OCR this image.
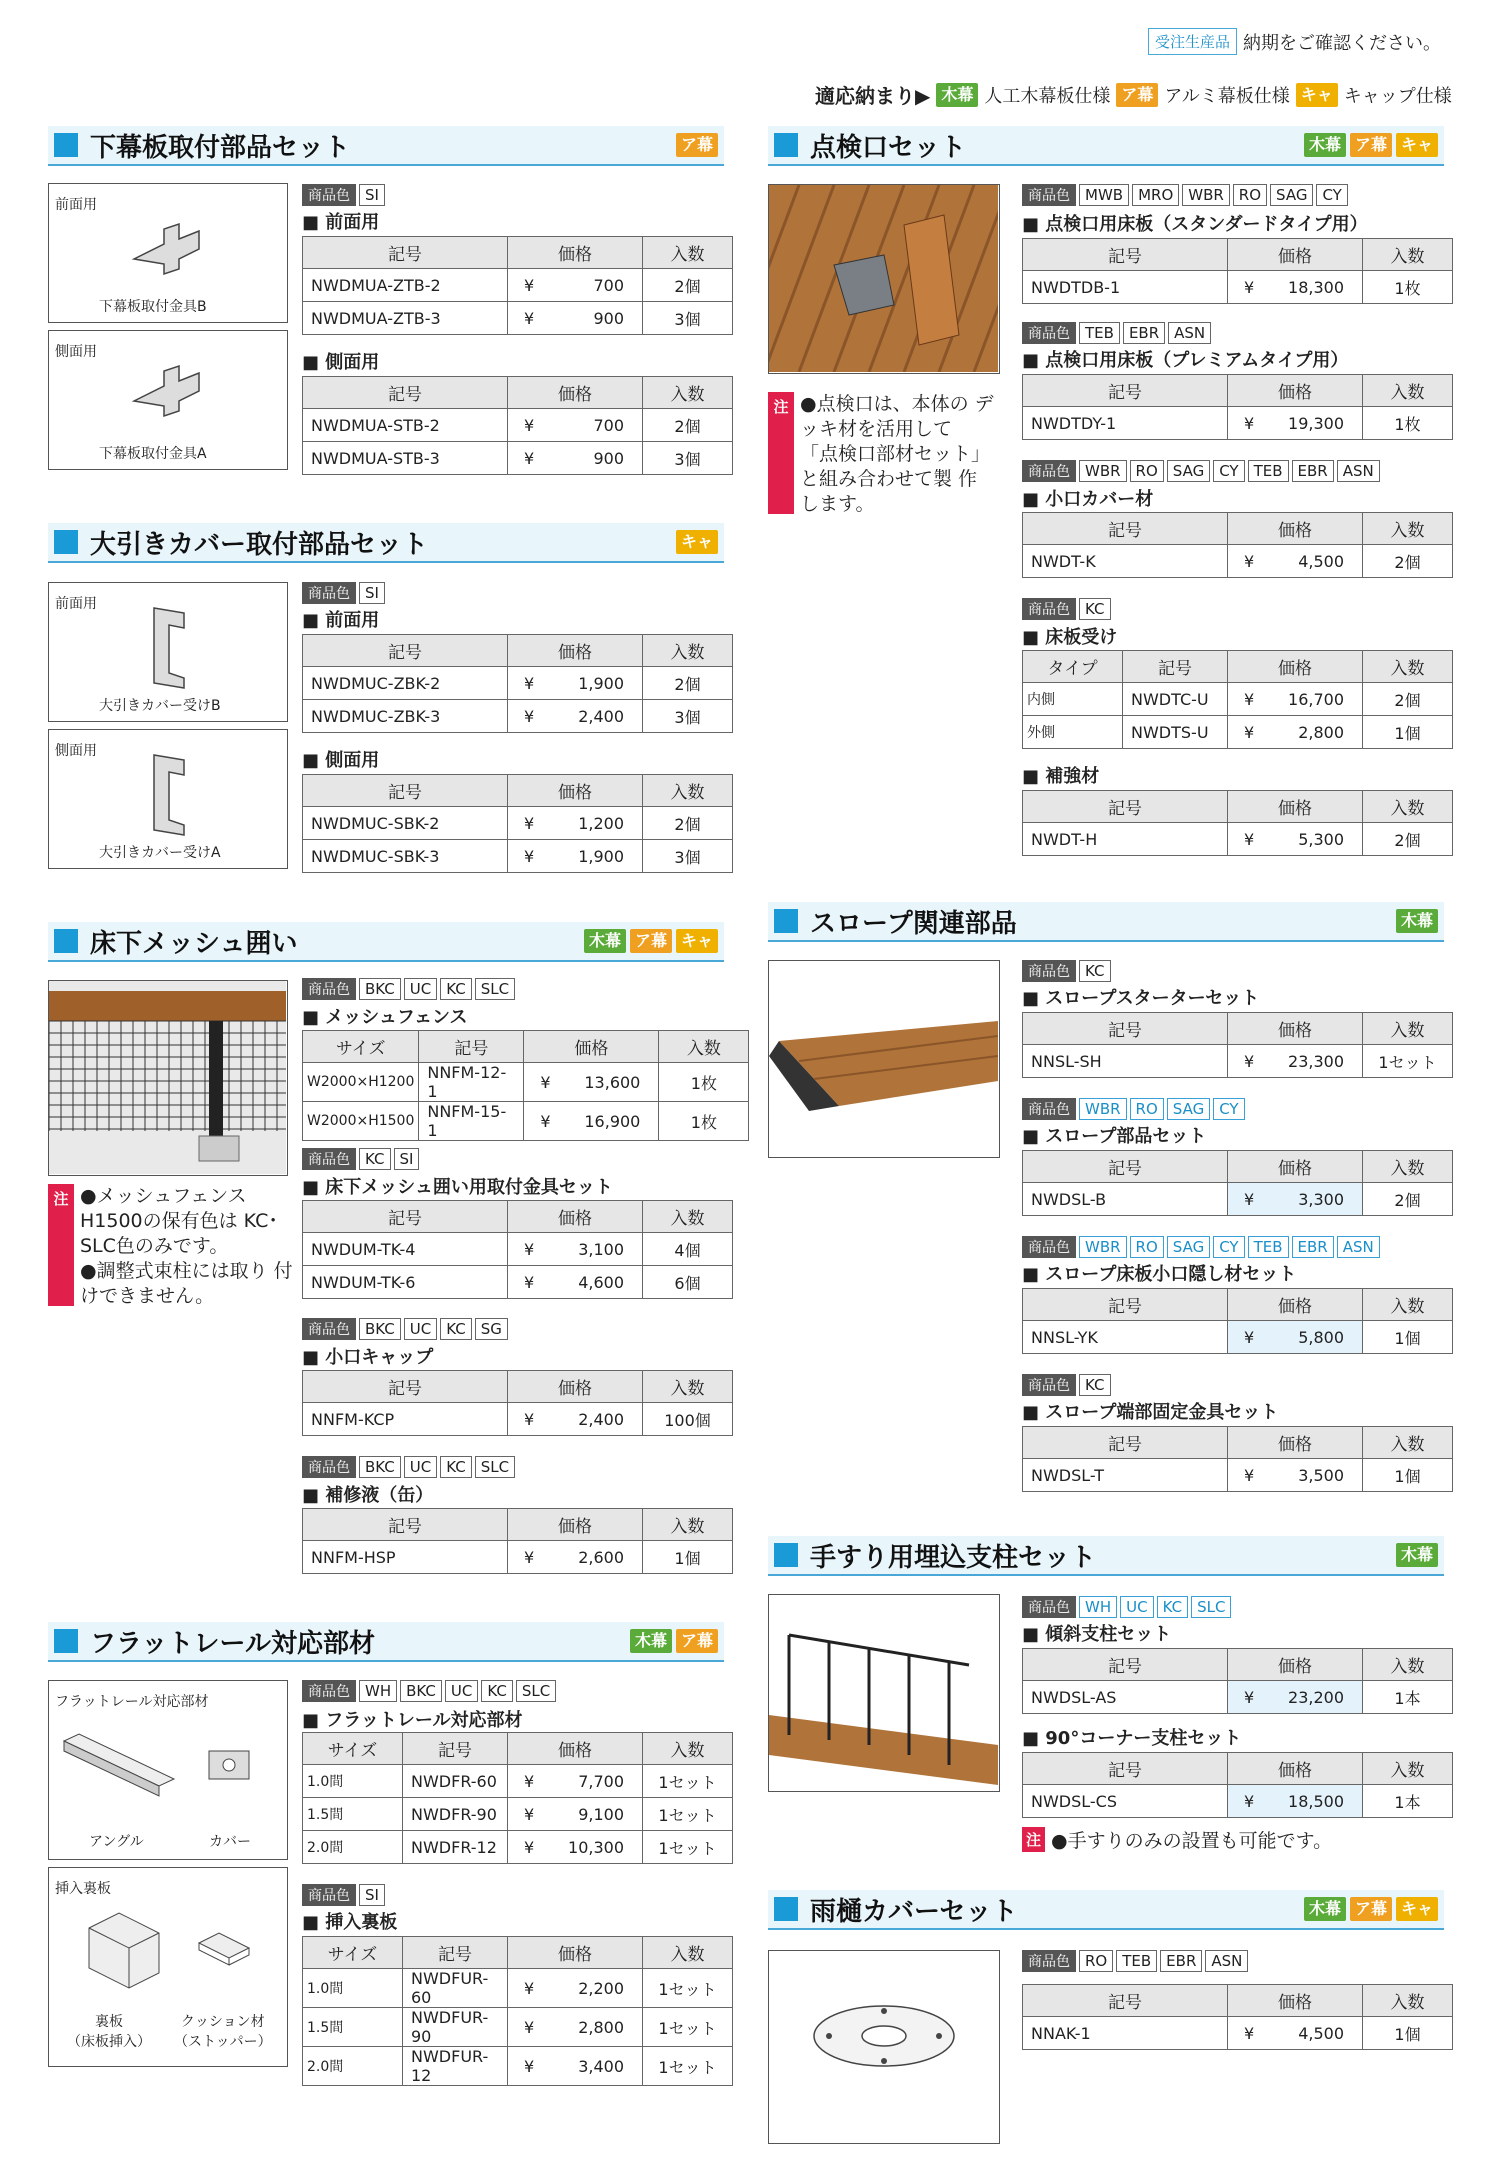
受注生産品 納期をご確認ください。
適応納まり▶ 木幕 人工木幕板仕様 ア幕 アルミ幕板仕様 キャ キャップ仕様
下幕板取付部品セット	ア幕
前面用
下幕板取付金具B
側面用
下幕板取付金具A
商品色	SI
■ 前面用
記号	価格	入数
NWDMUA-ZTB-2	¥ 700	2個
NWDMUA-ZTB-3	¥ 900	3個
■ 側面用
記号	価格	入数
NWDMUA-STB-2	¥ 700	2個
NWDMUA-STB-3	¥ 900	3個
大引きカバー取付部品セット	キャ
前面用
大引きカバー受けB
側面用
大引きカバー受けA
商品色	SI
■ 前面用
記号	価格	入数
NWDMUC-ZBK-2	¥ 1,900	2個
NWDMUC-ZBK-3	¥ 2,400	3個
■ 側面用
記号	価格	入数
NWDMUC-SBK-2	¥ 1,200	2個
NWDMUC-SBK-3	¥ 1,900	3個
床下メッシュ囲い	木幕 ア幕 キャ
注 ●メッシュフェンス H1500の保有色は KC･SLC色のみです。
●調整式束柱には取り 付けできません。
商品色	BKC	UC	KC	SLC
■ メッシュフェンス
サイズ	記号	価格	入数
W2000×H1200	NNFM-12-1	¥ 13,600	1枚
W2000×H1500	NNFM-15-1	¥ 16,900	1枚
商品色	KC	SI
■ 床下メッシュ囲い用取付金具セット
記号	価格	入数
NWDUM-TK-4	¥ 3,100	4個
NWDUM-TK-6	¥ 4,600	6個
商品色	BKC	UC	KC	SG
■ 小口キャップ
記号	価格	入数
NNFM-KCP	¥ 2,400	100個
商品色	BKC	UC	KC	SLC
■ 補修液（缶）
記号	価格	入数
NNFM-HSP	¥ 2,600	1個
フラットレール対応部材	木幕 ア幕
フラットレール対応部材
アングル	カバー
挿入裏板
裏板
（床板挿入）
クッション材
（ストッパー）
商品色	WH	BKC	UC	KC	SLC
■ フラットレール対応部材
サイズ	記号	価格	入数
1.0間	NWDFR-60	¥ 7,700	1セット
1.5間	NWDFR-90	¥ 9,100	1セット
2.0間	NWDFR-12	¥ 10,300	1セット
商品色	SI
■ 挿入裏板
サイズ	記号	価格	入数
1.0間	NWDFUR-60	¥ 2,200	1セット
1.5間	NWDFUR-90	¥ 2,800	1セット
2.0間	NWDFUR-12	¥ 3,400	1セット
点検口セット	木幕 ア幕 キャ
注 ●点検口は、本体の デッキ材を活用して 「点検口部材セット」 と組み合わせて製 作します。
商品色	MWB	MRO	WBR	RO	SAG	CY
■ 点検口用床板（スタンダードタイプ用）
記号	価格	入数
NWDTDB-1	¥ 18,300	1枚
商品色	TEB	EBR	ASN
■ 点検口用床板（プレミアムタイプ用）
記号	価格	入数
NWDTDY-1	¥ 19,300	1枚
商品色	WBR	RO	SAG	CY	TEB	EBR	ASN
■ 小口カバー材
記号	価格	入数
NWDT-K	¥ 4,500	2個
商品色	KC
■ 床板受け
タイプ	記号	価格	入数
内側	NWDTC-U	¥ 16,700	2個
外側	NWDTS-U	¥ 2,800	1個
■ 補強材
記号	価格	入数
NWDT-H	¥ 5,300	2個
スロープ関連部品	木幕
商品色	KC
■ スロープスターターセット
記号	価格	入数
NNSL-SH	¥ 23,300	1セット
商品色	WBR	RO	SAG	CY
■ スロープ部品セット
記号	価格	入数
NWDSL-B	¥ 3,300	2個
商品色	WBR	RO	SAG	CY	TEB	EBR	ASN
■ スロープ床板小口隠し材セット
記号	価格	入数
NNSL-YK	¥ 5,800	1個
商品色	KC
■ スロープ端部固定金具セット
記号	価格	入数
NWDSL-T	¥ 3,500	1個
手すり用埋込支柱セット	木幕
商品色	WH	UC	KC	SLC
■ 傾斜支柱セット
記号	価格	入数
NWDSL-AS	¥ 23,200	1本
■ 90°コーナー支柱セット
記号	価格	入数
NWDSL-CS	¥ 18,500	1本
注 ●手すりのみの設置も可能です。
雨樋カバーセット	木幕 ア幕 キャ
商品色	RO	TEB	EBR	ASN
記号	価格	入数
NNAK-1	¥ 4,500	1個
